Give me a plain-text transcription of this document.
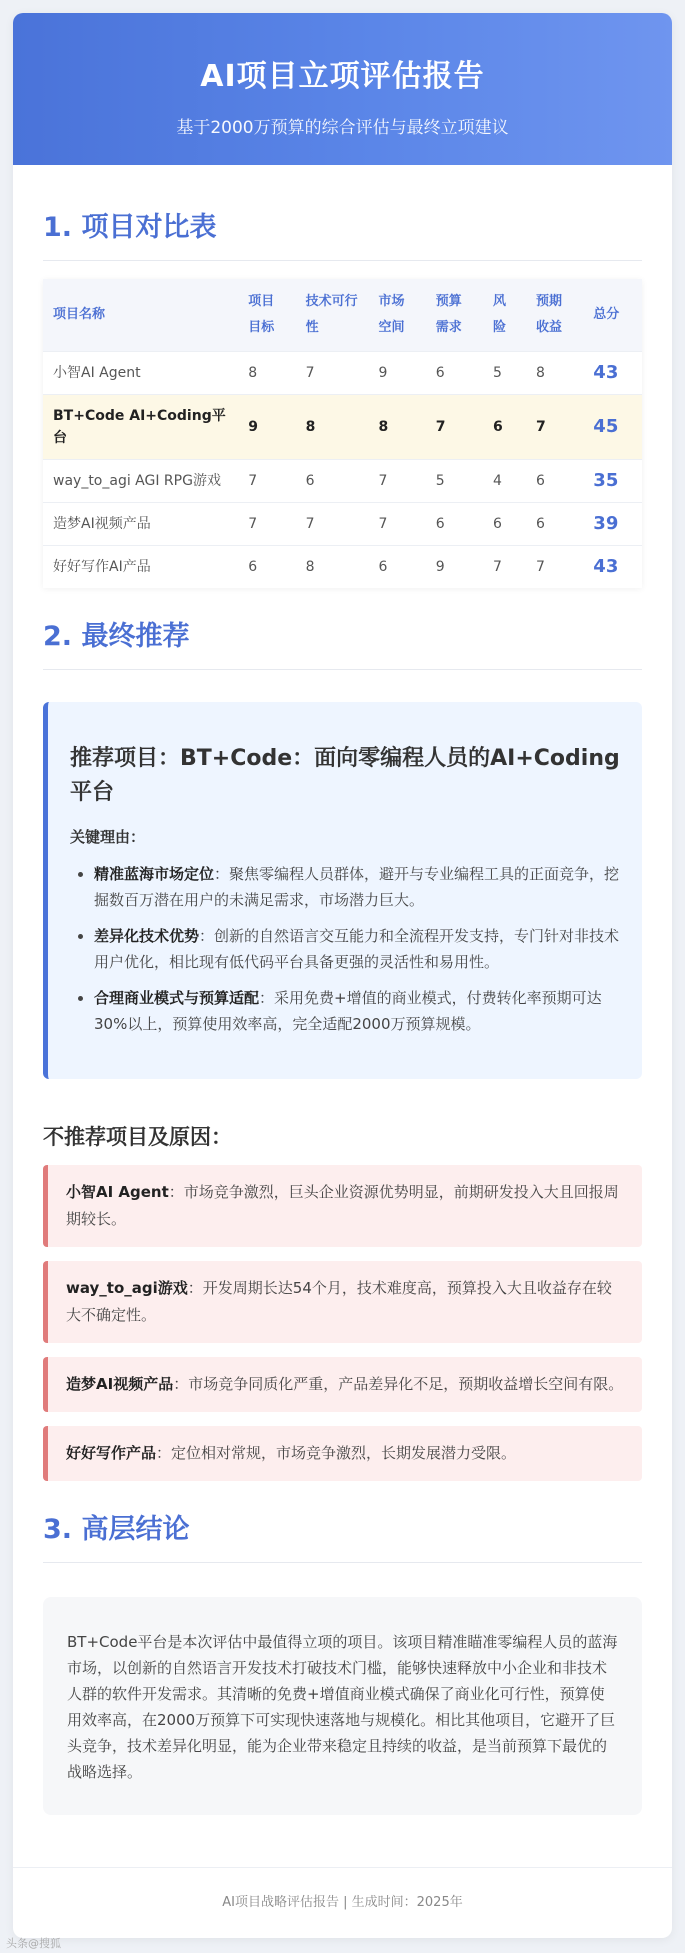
AI项目立项评估报告
基于2000万预算的综合评估与最终立项建议
1. 项目对比表
项目名称	项目目标	技术可行性	市场空间	预算需求	风险	预期收益	总分
小智AI Agent	8	7	9	6	5	8	43
BT+Code AI+Coding平台	9	8	8	7	6	7	45
way_to_agi AGI RPG游戏	7	6	7	5	4	6	35
造梦AI视频产品	7	7	7	6	6	6	39
好好写作AI产品	6	8	6	9	7	7	43
2. 最终推荐
推荐项目：BT+Code：面向零编程人员的AI+Coding平台
关键理由：
• 精准蓝海市场定位：聚焦零编程人员群体，避开与专业编程工具的正面竞争，挖掘数百万潜在用户的未满足需求，市场潜力巨大。
• 差异化技术优势：创新的自然语言交互能力和全流程开发支持，专门针对非技术用户优化，相比现有低代码平台具备更强的灵活性和易用性。
• 合理商业模式与预算适配：采用免费+增值的商业模式，付费转化率预期可达30%以上，预算使用效率高，完全适配2000万预算规模。
不推荐项目及原因：
小智AI Agent：市场竞争激烈，巨头企业资源优势明显，前期研发投入大且回报周期较长。
way_to_agi游戏：开发周期长达54个月，技术难度高，预算投入大且收益存在较大不确定性。
造梦AI视频产品：市场竞争同质化严重，产品差异化不足，预期收益增长空间有限。
好好写作产品：定位相对常规，市场竞争激烈，长期发展潜力受限。
3. 高层结论
BT+Code平台是本次评估中最值得立项的项目。该项目精准瞄准零编程人员的蓝海市场，以创新的自然语言开发技术打破技术门槛，能够快速释放中小企业和非技术人群的软件开发需求。其清晰的免费+增值商业模式确保了商业化可行性，预算使用效率高，在2000万预算下可实现快速落地与规模化。相比其他项目，它避开了巨头竞争，技术差异化明显，能为企业带来稳定且持续的收益，是当前预算下最优的战略选择。
AI项目战略评估报告 | 生成时间：2025年
头条@搜狐
